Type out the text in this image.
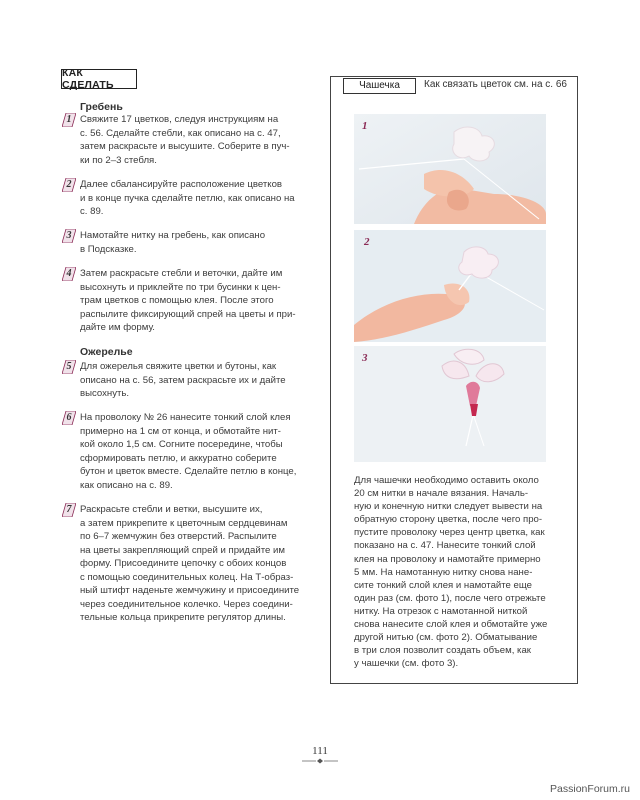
КАК СДЕЛАТЬ
Гребень
1 Свяжите 17 цветков, следуя инструкциям на
с. 56. Сделайте стебли, как описано на с. 47,
затем раскрасьте и высушите. Соберите в пуч-
ки по 2–3 стебля.
2 Далее сбалансируйте расположение цветков
и в конце пучка сделайте петлю, как описано на
с. 89.
3 Намотайте нитку на гребень, как описано
в Подсказке.
4 Затем раскрасьте стебли и веточки, дайте им
высохнуть и приклейте по три бусинки к цен-
трам цветков с помощью клея. После этого
распылите фиксирующий спрей на цветы и при-
дайте им форму.
Ожерелье
5 Для ожерелья свяжите цветки и бутоны, как
описано на с. 56, затем раскрасьте их и дайте
высохнуть.
6 На проволоку № 26 нанесите тонкий слой клея
примерно на 1 см от конца, и обмотайте нит-
кой около 1,5 см. Согните посередине, чтобы
сформировать петлю, и аккуратно соберите
бутон и цветок вместе. Сделайте петлю в конце,
как описано на с. 89.
7 Раскрасьте стебли и ветки, высушите их,
а затем прикрепите к цветочным сердцевинам
по 6–7 жемчужин без отверстий. Распылите
на цветы закрепляющий спрей и придайте им
форму. Присоедините цепочку с обоих концов
с помощью соединительных колец. На Т-образ-
ный штифт наденьте жемчужину и присоедините
через соединительное колечко. Через соедини-
тельные кольца прикрепите регулятор длины.
Чашечка	Как связать цветок см. на с. 66
1
2
3
Для чашечки необходимо оставить около
20 см нитки в начале вязания. Началь-
ную и конечную нитки следует вывести на
обратную сторону цветка, после чего про-
пустите проволоку через центр цветка, как
показано на с. 47. Нанесите тонкий слой
клея на проволоку и намотайте примерно
5 мм. На намотанную нитку снова нане-
сите тонкий слой клея и намотайте еще
один раз (см. фото 1), после чего отрежьте
нитку. На отрезок с намотанной ниткой
снова нанесите слой клея и обмотайте уже
другой нитью (см. фото 2). Обматывание
в три слоя позволит создать объем, как
у чашечки (см. фото 3).
111
PassionForum.ru
